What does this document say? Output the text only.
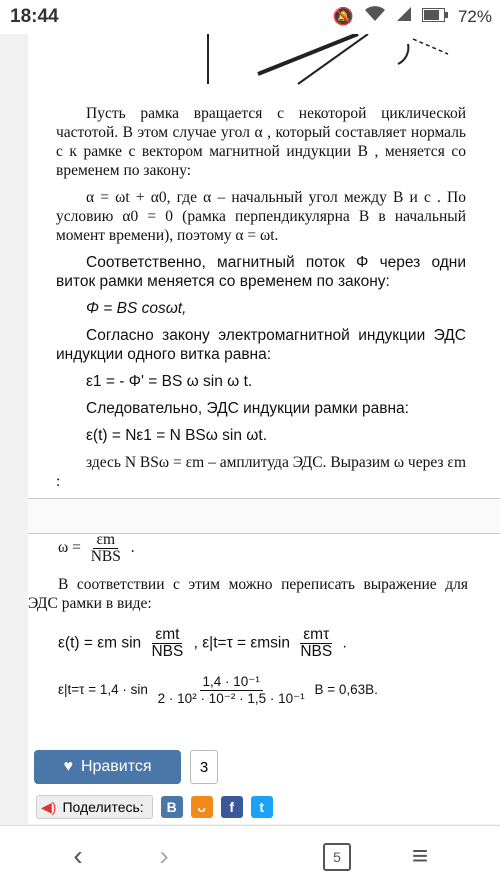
18:44	🔕	72%

Пусть рамка вращается с некоторой циклической частотой. В этом случае угол α , который составляет нормаль c к рамке с вектором магнитной индукции B , меняется со временем по закону:

α = ωt + α0, где α – начальный угол между B и c . По условию α0 = 0 (рамка перпендикулярна B в начальный момент времени), поэтому α = ωt.

Соответственно, магнитный поток Φ через одни виток рамки меняется со временем по закону:

Φ = BS cosωt,

Согласно закону электромагнитной индукции ЭДС индукции одного витка равна:

ε1 = - Φ' = BS ω sin ω t.

Следовательно, ЭДС индукции рамки равна:

ε(t) = Nε1 = N BSω sin ωt.

здесь N BSω = εm – амплитуда ЭДС. Выразим ω через εm :

$\omega = \frac{\varepsilon m}{\text{NBS}}$ .

В соответствии с этим можно переписать выражение для ЭДС рамки в виде:

ε(t) = εm $\sin \frac{\text{εmt}}{\text{NBS}}$ , ε|t=τ = εmsin $\frac{\text{εmτ}}{\text{NBS}}$ .
$\varepsilon|t=\tau = 1,4 \cdot \sin \frac{\text{1,4 · 10⁻¹}}{\text{2 · 10² · 10⁻² · 1,5 · 10⁻¹}}$ В = 0,63В.
♥ Нравится	3
◀) Поделитесь:	B	ᴗ	f	t
‹	›	5	≡
